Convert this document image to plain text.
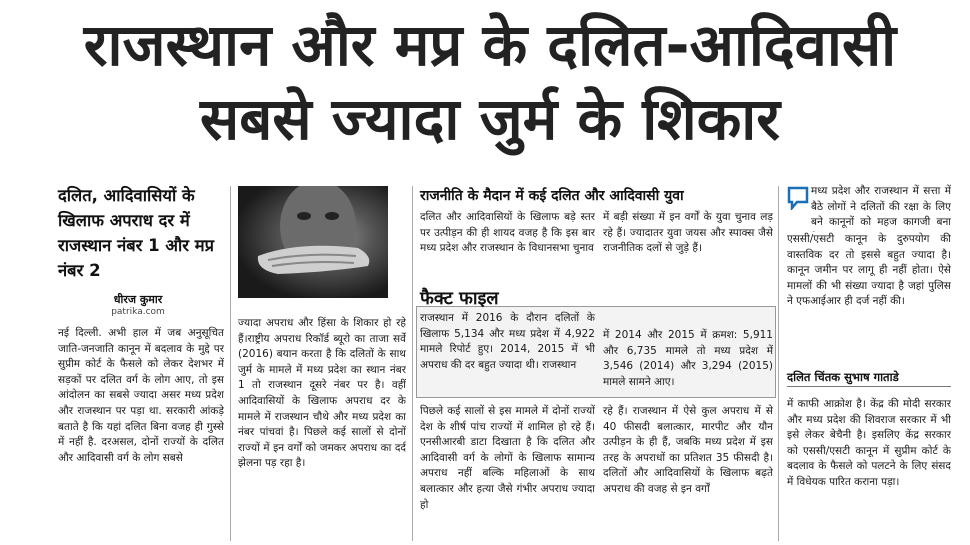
राजस्थान और मप्र के दलित-आदिवासी
सबसे ज्यादा जुर्म के शिकार
दलित, आदिवासियों के खिलाफ अपराध दर में राजस्थान नंबर 1 और मप्र नंबर 2
धीरज कुमार
patrika.com
नई दिल्ली. अभी हाल में जब अनुसूचित जाति-जनजाति कानून में बदलाव के मुद्दे पर सुप्रीम कोर्ट के फैसले को लेकर देशभर में सड़कों पर दलित वर्ग के लोग आए, तो इस आंदोलन का सबसे ज्यादा असर मध्य प्रदेश और राजस्थान पर पड़ा था. सरकारी आंकड़े बताते है कि यहां दलित बिना वजह ही गुस्से में नहीं है. दरअसल, दोनों राज्यों के दलित और आदिवासी वर्ग के लोग सबसे
ज्यादा अपराध और हिंसा के शिकार हो रहे हैं।राष्ट्रीय अपराध रिकॉर्ड ब्यूरो का ताजा सर्वे (2016) बयान करता है कि दलितों के साथ जुर्म के मामले में मध्य प्रदेश का स्थान नंबर 1 तो राजस्थान दूसरे नंबर पर है। वहीं आदिवासियों के खिलाफ अपराध दर के मामले में राजस्थान चौथे और मध्य प्रदेश का नंबर पांचवां है। पिछले कई सालों से दोनों राज्यों में इन वर्गों को जमकर अपराध का दर्द झेलना पड़ रहा है।
राजनीति के मैदान में कई दलित और आदिवासी युवा
दलित और आदिवासियों के खिलाफ बड़े स्तर पर उत्पीड़न की ही शायद वजह है कि इस बार मध्य प्रदेश और राजस्थान के विधानसभा चुनाव
में बड़ी संख्या में इन वर्गों के युवा चुनाव लड़ रहे हैं। ज्यादातर युवा जयस और स्पाक्स जैसे राजनीतिक दलों से जुड़े हैं।
फैक्ट फाइल
राजस्थान में 2016 के दौरान दलितों के खिलाफ 5,134 और मध्य प्रदेश में 4,922 मामले रिपोर्ट हुए। 2014, 2015 में भी अपराध की दर बहुत ज्यादा थी। राजस्थान
में 2014 और 2015 में क्रमश: 5,911 और 6,735 मामले तो मध्य प्रदेश में 3,546 (2014) और 3,294 (2015) मामले सामने आए।
पिछले कई सालों से इस मामले में दोनों राज्यों देश के शीर्ष पांच राज्यों में शामिल हो रहे हैं। एनसीआरबी डाटा दिखाता है कि दलित और आदिवासी वर्ग के लोगों के खिलाफ सामान्य अपराध नहीं बल्कि महिलाओं के साथ बलात्कार और हत्या जैसे गंभीर अपराध ज्यादा हो
रहे हैं। राजस्थान में ऐसे कुल अपराध में से 40 फीसदी बलात्कार, मारपीट और यौन उत्पीड़न के ही हैं, जबकि मध्य प्रदेश में इस तरह के अपराधों का प्रतिशत 35 फीसदी है। दलितों और आदिवासियों के खिलाफ बढ़ते अपराध की वजह से इन वर्गों
मध्य प्रदेश और राजस्थान में सत्ता में बैठे लोगों ने दलितों की रक्षा के लिए बने कानूनों को महज कागजी बना
एससी/एसटी कानून के दुरुपयोग की वास्तविक दर तो इससे बहुत ज्यादा है। कानून जमीन पर लागू ही नहीं होता। ऐसे मामलों की भी संख्या ज्यादा है जहां पुलिस ने एफआईआर ही दर्ज नहीं की।
दलित चिंतक सुभाष गाताडे
में काफी आक्रोश है। केंद्र की मोदी सरकार और मध्य प्रदेश की शिवराज सरकार में भी इसे लेकर बेचैनी है। इसलिए केंद्र सरकार को एससी/एसटी कानून में सुप्रीम कोर्ट के बदलाव के फैसले को पलटने के लिए संसद में विधेयक पारित कराना पड़ा।
